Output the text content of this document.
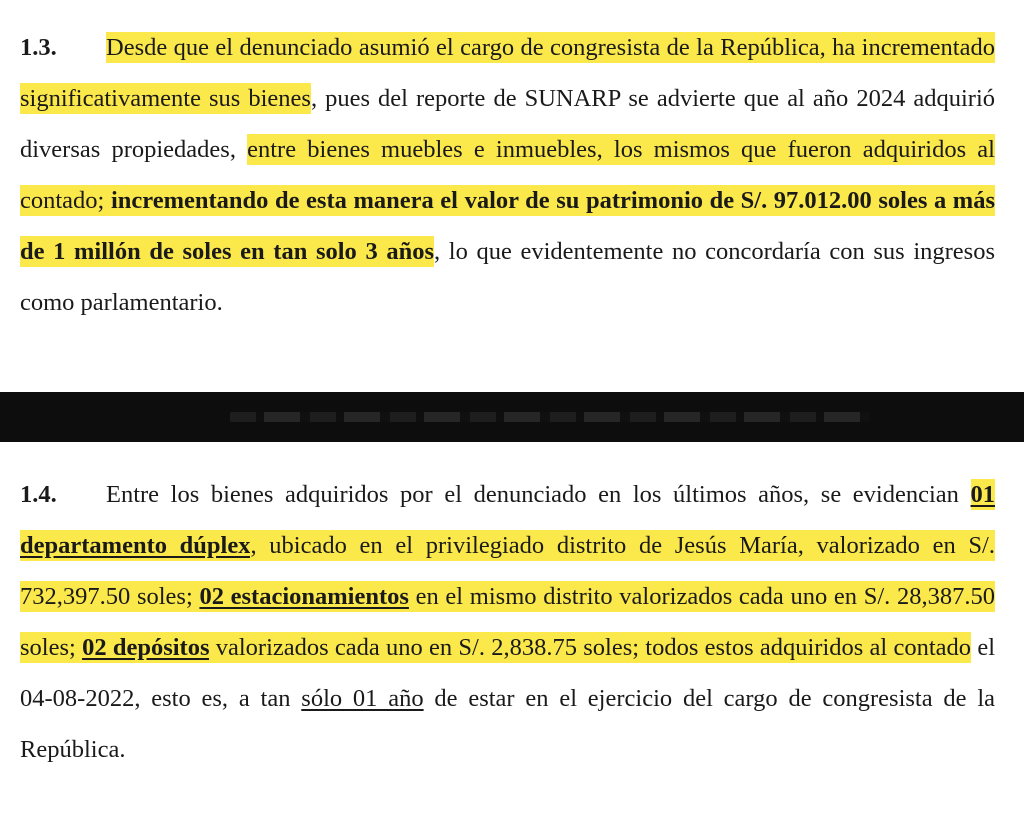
1.3. Desde que el denunciado asumió el cargo de congresista de la República, ha incrementado significativamente sus bienes, pues del reporte de SUNARP se advierte que al año 2024 adquirió diversas propiedades, entre bienes muebles e inmuebles, los mismos que fueron adquiridos al contado; incrementando de esta manera el valor de su patrimonio de S/. 97.012.00 soles a más de 1 millón de soles en tan solo 3 años, lo que evidentemente no concordaría con sus ingresos como parlamentario.
1.4. Entre los bienes adquiridos por el denunciado en los últimos años, se evidencian 01 departamento dúplex, ubicado en el privilegiado distrito de Jesús María, valorizado en S/. 732,397.50 soles; 02 estacionamientos en el mismo distrito valorizados cada uno en S/. 28,387.50 soles; 02 depósitos valorizados cada uno en S/. 2,838.75 soles; todos estos adquiridos al contado el 04-08-2022, esto es, a tan sólo 01 año de estar en el ejercicio del cargo de congresista de la República.
